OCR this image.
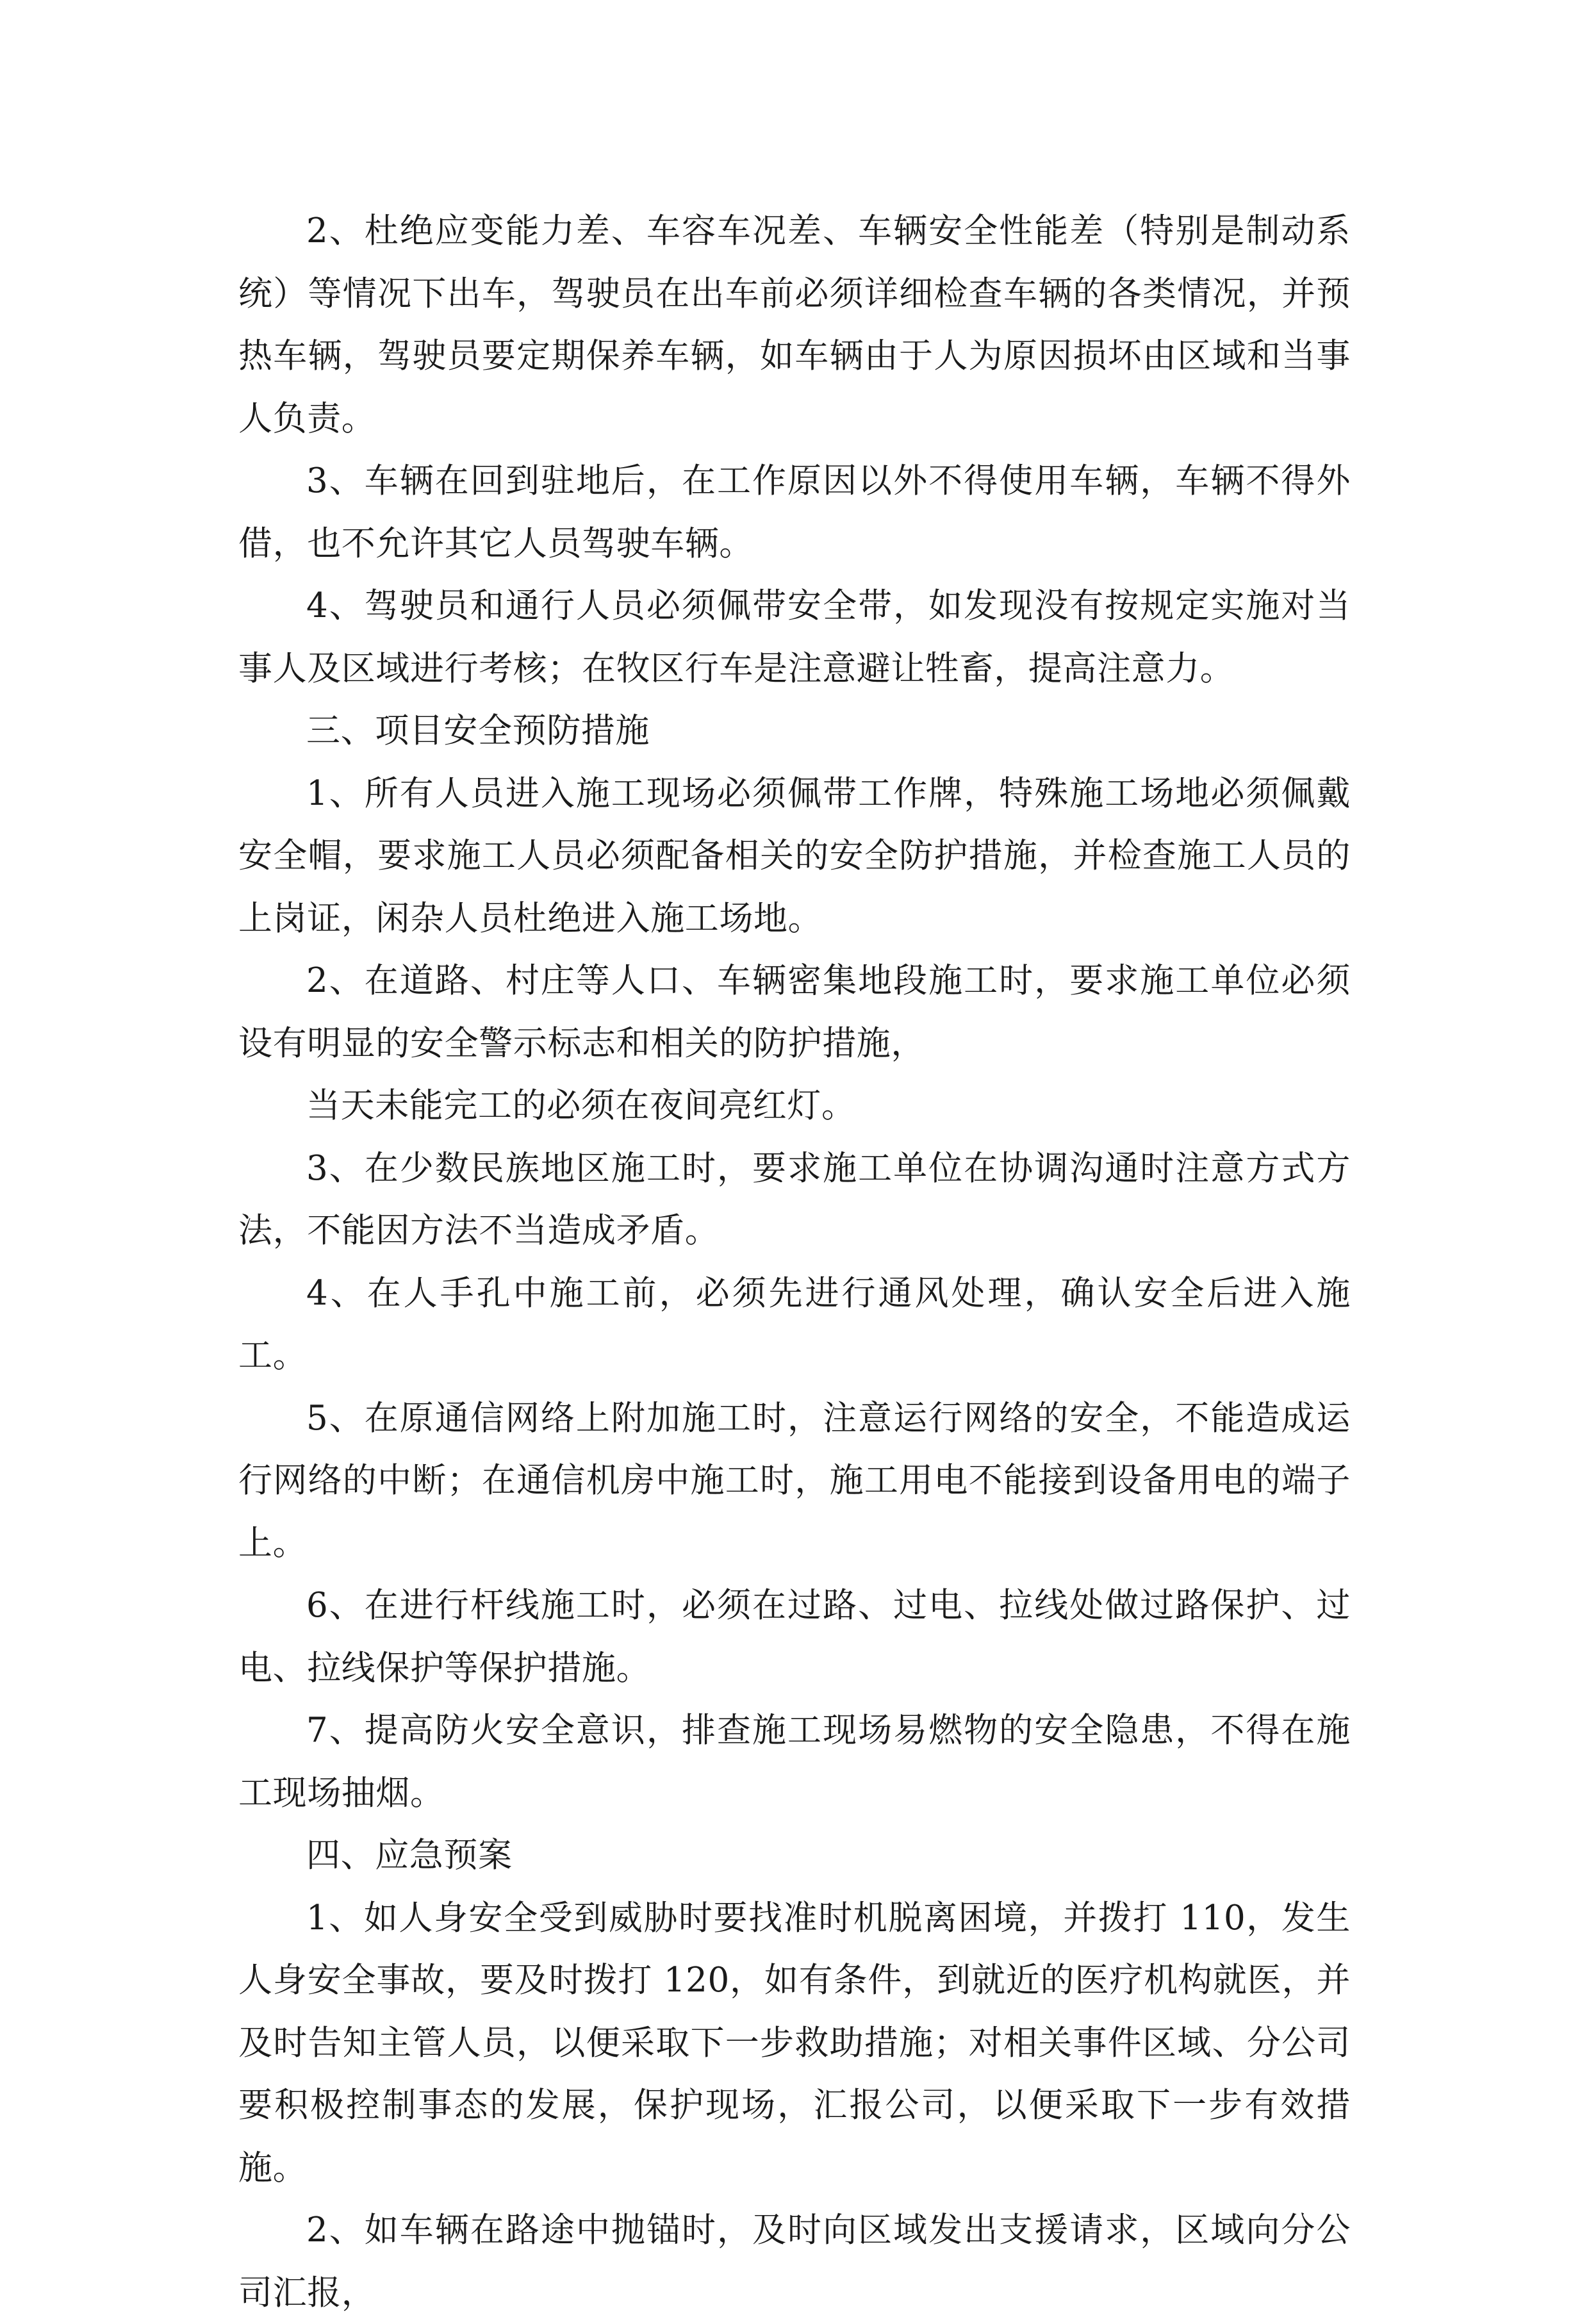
2、杜绝应变能力差、车容车况差、车辆安全性能差（特别是制动系统）等情况下出车，驾驶员在出车前必须详细检查车辆的各类情况，并预热车辆，驾驶员要定期保养车辆，如车辆由于人为原因损坏由区域和当事人负责。

3、车辆在回到驻地后，在工作原因以外不得使用车辆，车辆不得外借，也不允许其它人员驾驶车辆。

4、驾驶员和通行人员必须佩带安全带，如发现没有按规定实施对当事人及区域进行考核；在牧区行车是注意避让牲畜，提高注意力。

三、项目安全预防措施

1、所有人员进入施工现场必须佩带工作牌，特殊施工场地必须佩戴安全帽，要求施工人员必须配备相关的安全防护措施，并检查施工人员的上岗证，闲杂人员杜绝进入施工场地。

2、在道路、村庄等人口、车辆密集地段施工时，要求施工单位必须设有明显的安全警示标志和相关的防护措施，

当天未能完工的必须在夜间亮红灯。

3、在少数民族地区施工时，要求施工单位在协调沟通时注意方式方法，不能因方法不当造成矛盾。

4、在人手孔中施工前，必须先进行通风处理，确认安全后进入施工。

5、在原通信网络上附加施工时，注意运行网络的安全，不能造成运行网络的中断；在通信机房中施工时，施工用电不能接到设备用电的端子上。

6、在进行杆线施工时，必须在过路、过电、拉线处做过路保护、过电、拉线保护等保护措施。

7、提高防火安全意识，排查施工现场易燃物的安全隐患，不得在施工现场抽烟。

四、应急预案

1、如人身安全受到威胁时要找准时机脱离困境，并拨打 110，发生人身安全事故，要及时拨打 120，如有条件，到就近的医疗机构就医，并及时告知主管人员，以便采取下一步救助措施；对相关事件区域、分公司要积极控制事态的发展，保护现场，汇报公司，以便采取下一步有效措施。

2、如车辆在路途中抛锚时，及时向区域发出支援请求，区域向分公司汇报，
